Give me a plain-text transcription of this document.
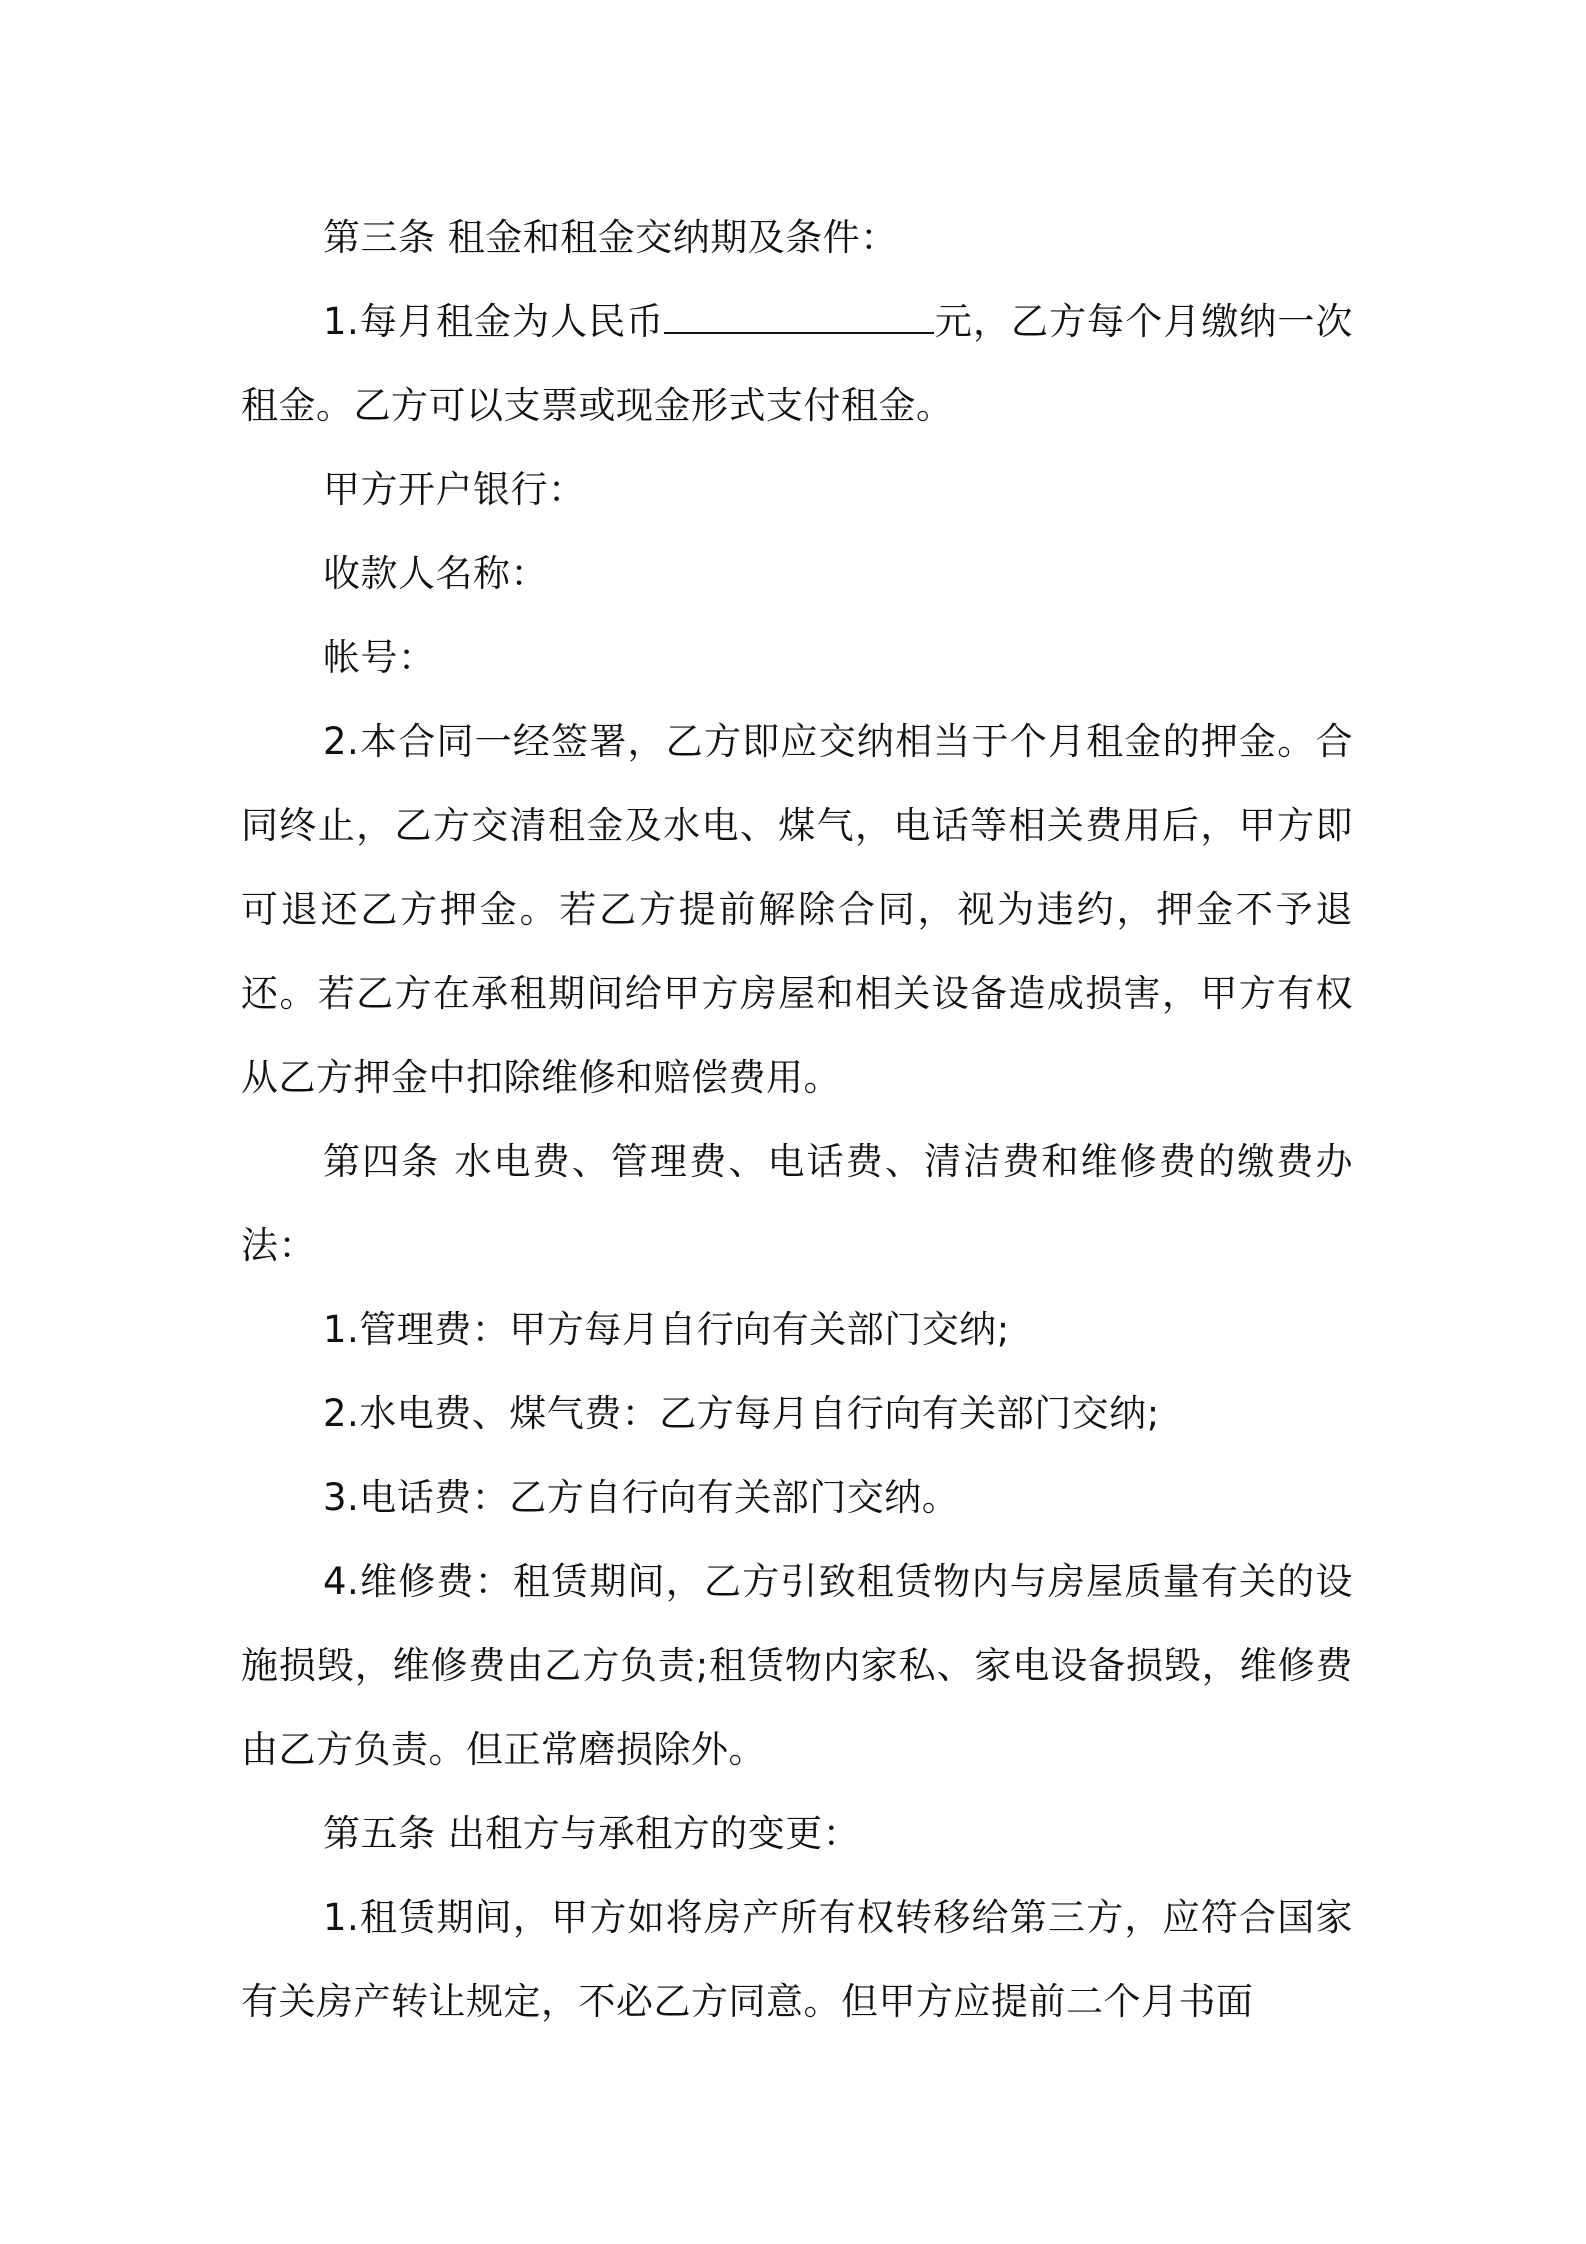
第三条 租金和租金交纳期及条件：

1.每月租金为人民币	元，乙方每个月缴纳一次租金。乙方可以支票或现金形式支付租金。

甲方开户银行：

收款人名称：

帐号：

2.本合同一经签署，乙方即应交纳相当于个月租金的押金。合同终止，乙方交清租金及水电、煤气，电话等相关费用后，甲方即可退还乙方押金。若乙方提前解除合同，视为违约，押金不予退还。若乙方在承租期间给甲方房屋和相关设备造成损害，甲方有权从乙方押金中扣除维修和赔偿费用。

第四条 水电费、管理费、电话费、清洁费和维修费的缴费办法：

1.管理费：甲方每月自行向有关部门交纳;

2.水电费、煤气费：乙方每月自行向有关部门交纳;

3.电话费：乙方自行向有关部门交纳。

4.维修费：租赁期间，乙方引致租赁物内与房屋质量有关的设施损毁，维修费由乙方负责;租赁物内家私、家电设备损毁，维修费由乙方负责。但正常磨损除外。

第五条 出租方与承租方的变更：

1.租赁期间，甲方如将房产所有权转移给第三方，应符合国家有关房产转让规定，不必乙方同意。但甲方应提前二个月书面
